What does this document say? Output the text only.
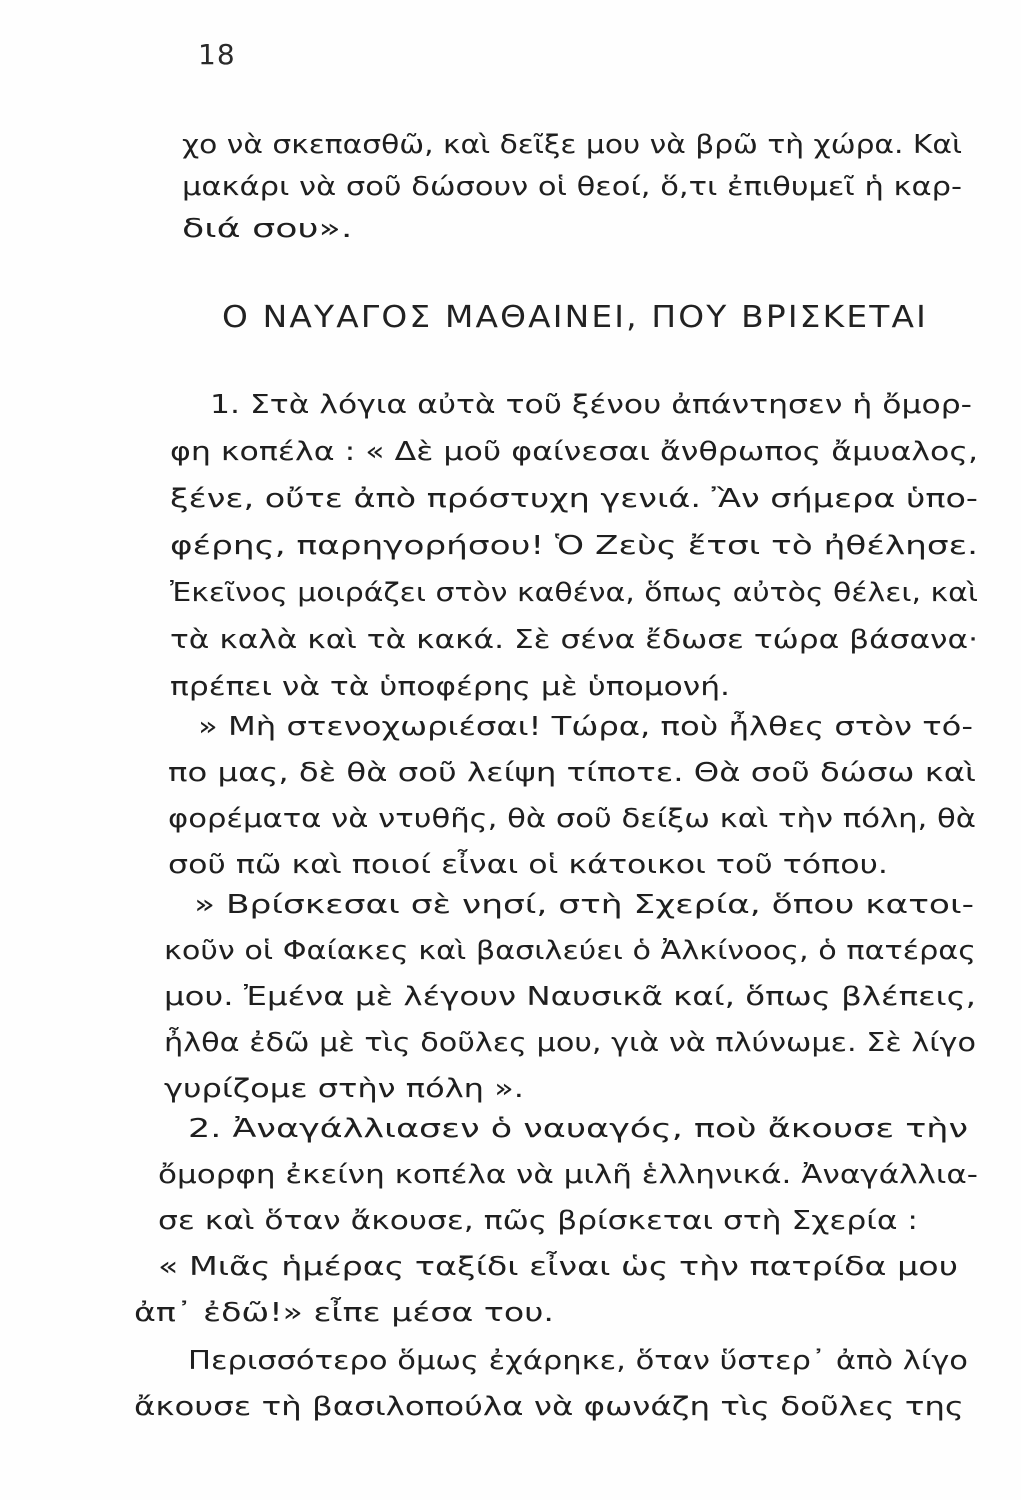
18
χο νὰ σκεπασθῶ, καὶ δεῖξε μου νὰ βρῶ τὴ χώρα. Καὶ
μακάρι νὰ σοῦ δώσουν οἱ θεοί, ὅ,τι ἐπιθυμεῖ ἡ καρ-
διά σου».
Ο ΝΑΥΑΓΟΣ ΜΑΘΑΙΝΕΙ, ΠΟΥ ΒΡΙΣΚΕΤΑΙ
1. Στὰ λόγια αὐτὰ τοῦ ξένου ἀπάντησεν ἡ ὄμορ-
φη κοπέλα : « Δὲ μοῦ φαίνεσαι ἄνθρωπος ἄμυαλος,
ξένε, οὔτε ἀπὸ πρόστυχη γενιά. Ἂν σήμερα ὑπο-
φέρης, παρηγορήσου! Ὁ Ζεὺς ἔτσι τὸ ἠθέλησε.
Ἐκεῖνος μοιράζει στὸν καθένα, ὅπως αὐτὸς θέλει, καὶ
τὰ καλὰ καὶ τὰ κακά. Σὲ σένα ἔδωσε τώρα βάσανα·
πρέπει νὰ τὰ ὑποφέρης μὲ ὑπομονή.
» Μὴ στενοχωριέσαι! Τώρα, ποὺ ἦλθες στὸν τό-
πο μας, δὲ θὰ σοῦ λείψη τίποτε. Θὰ σοῦ δώσω καὶ
φορέματα νὰ ντυθῆς, θὰ σοῦ δείξω καὶ τὴν πόλη, θὰ
σοῦ πῶ καὶ ποιοί εἶναι οἱ κάτοικοι τοῦ τόπου.
» Βρίσκεσαι σὲ νησί, στὴ Σχερία, ὅπου κατοι-
κοῦν οἱ Φαίακες καὶ βασιλεύει ὁ Ἀλκίνοος, ὁ πατέρας
μου. Ἐμένα μὲ λέγουν Ναυσικᾶ καί, ὅπως βλέπεις,
ἦλθα ἐδῶ μὲ τὶς δοῦλες μου, γιὰ νὰ πλύνωμε. Σὲ λίγο
γυρίζομε στὴν πόλη ».
2. Ἀναγάλλιασεν ὁ ναυαγός, ποὺ ἄκουσε τὴν
ὄμορφη ἐκείνη κοπέλα νὰ μιλῆ ἑλληνικά. Ἀναγάλλια-
σε καὶ ὅταν ἄκουσε, πῶς βρίσκεται στὴ Σχερία :
« Μιᾶς ἡμέρας ταξίδι εἶναι ὡς τὴν πατρίδα μου
ἀπ᾽ ἐδῶ!» εἶπε μέσα του.
Περισσότερο ὅμως ἐχάρηκε, ὅταν ὕστερ᾽ ἀπὸ λίγο
ἄκουσε τὴ βασιλοπούλα νὰ φωνάζη τὶς δοῦλες της
